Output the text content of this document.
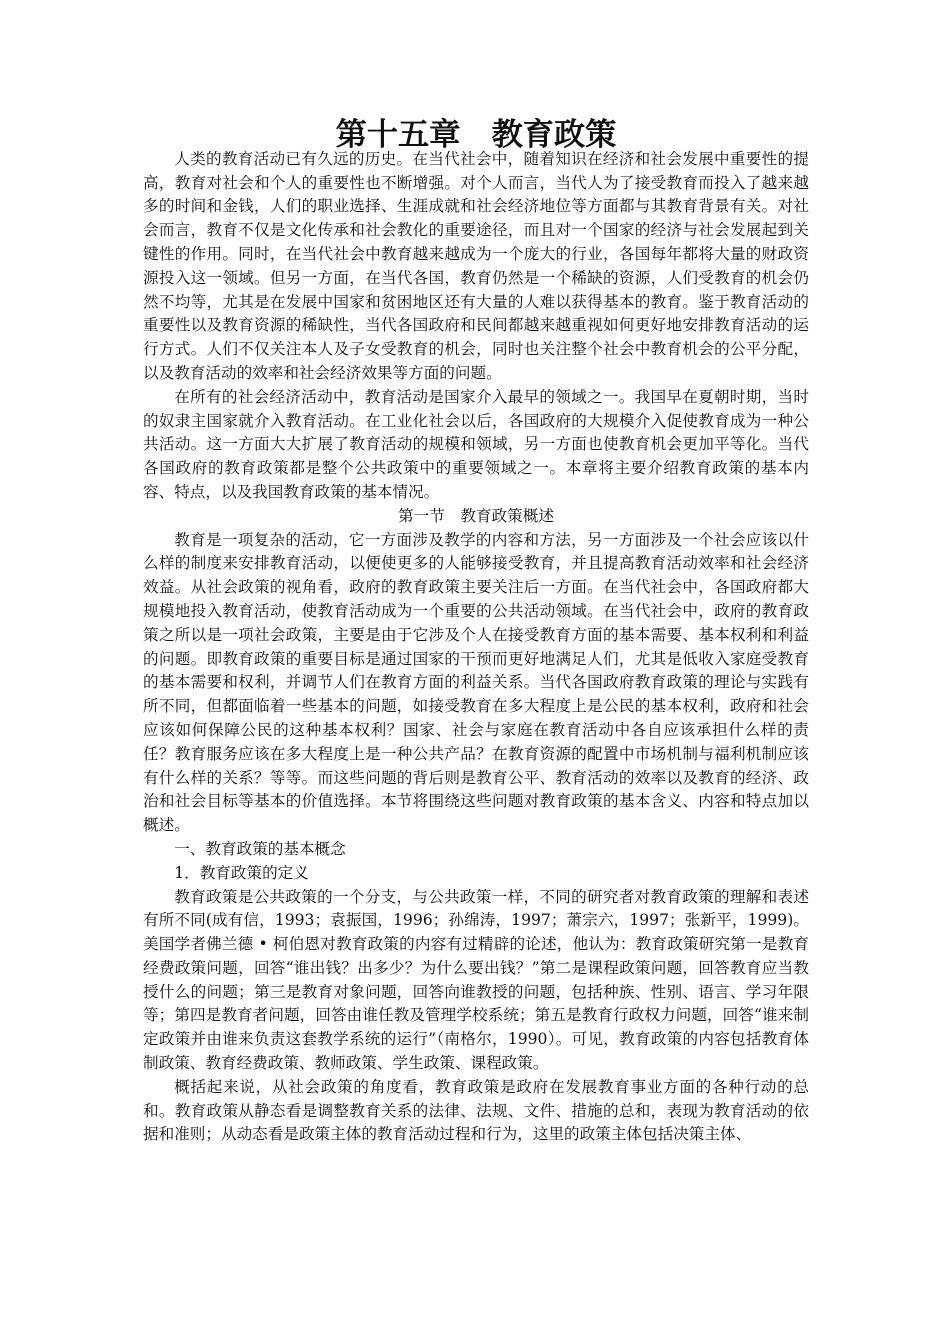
第十五章　教育政策

人类的教育活动已有久远的历史。在当代社会中，随着知识在经济和社会发展中重要性的提高，教育对社会和个人的重要性也不断增强。对个人而言，当代人为了接受教育而投入了越来越多的时间和金钱，人们的职业选择、生涯成就和社会经济地位等方面都与其教育背景有关。对社会而言，教育不仅是文化传承和社会教化的重要途径，而且对一个国家的经济与社会发展起到关键性的作用。同时，在当代社会中教育越来越成为一个庞大的行业，各国每年都将大量的财政资源投入这一领域。但另一方面，在当代各国，教育仍然是一个稀缺的资源，人们受教育的机会仍然不均等，尤其是在发展中国家和贫困地区还有大量的人难以获得基本的教育。鉴于教育活动的重要性以及教育资源的稀缺性，当代各国政府和民间都越来越重视如何更好地安排教育活动的运行方式。人们不仅关注本人及子女受教育的机会，同时也关注整个社会中教育机会的公平分配，以及教育活动的效率和社会经济效果等方面的问题。

在所有的社会经济活动中，教育活动是国家介入最早的领域之一。我国早在夏朝时期，当时的奴隶主国家就介入教育活动。在工业化社会以后，各国政府的大规模介入促使教育成为一种公共活动。这一方面大大扩展了教育活动的规模和领域，另一方面也使教育机会更加平等化。当代各国政府的教育政策都是整个公共政策中的重要领域之一。本章将主要介绍教育政策的基本内容、特点，以及我国教育政策的基本情况。

第一节　教育政策概述

教育是一项复杂的活动，它一方面涉及教学的内容和方法，另一方面涉及一个社会应该以什么样的制度来安排教育活动，以便使更多的人能够接受教育，并且提高教育活动效率和社会经济效益。从社会政策的视角看，政府的教育政策主要关注后一方面。在当代社会中，各国政府都大规模地投入教育活动，使教育活动成为一个重要的公共活动领域。在当代社会中，政府的教育政策之所以是一项社会政策，主要是由于它涉及个人在接受教育方面的基本需要、基本权利和利益的问题。即教育政策的重要目标是通过国家的干预而更好地满足人们，尤其是低收入家庭受教育的基本需要和权利，并调节人们在教育方面的利益关系。当代各国政府教育政策的理论与实践有所不同，但都面临着一些基本的问题，如接受教育在多大程度上是公民的基本权利，政府和社会应该如何保障公民的这种基本权利？国家、社会与家庭在教育活动中各自应该承担什么样的责任？教育服务应该在多大程度上是一种公共产品？在教育资源的配置中市场机制与福利机制应该有什么样的关系？等等。而这些问题的背后则是教育公平、教育活动的效率以及教育的经济、政治和社会目标等基本的价值选择。本节将围绕这些问题对教育政策的基本含义、内容和特点加以概述。

一、教育政策的基本概念
1．教育政策的定义

教育政策是公共政策的一个分支，与公共政策一样，不同的研究者对教育政策的理解和表述有所不同(成有信，1993；袁振国，1996；孙绵涛，1997；萧宗六，1997；张新平，1999)。美国学者佛兰德 • 柯伯恩对教育政策的内容有过精辟的论述，他认为：教育政策研究第一是教育经费政策问题，回答“谁出钱？出多少？为什么要出钱？”第二是课程政策问题，回答教育应当教授什么的问题；第三是教育对象问题，回答向谁教授的问题，包括种族、性别、语言、学习年限等；第四是教育者问题，回答由谁任教及管理学校系统；第五是教育行政权力问题，回答“谁来制定政策并由谁来负责这套教学系统的运行”（南格尔，1990）。可见，教育政策的内容包括教育体制政策、教育经费政策、教师政策、学生政策、课程政策。

概括起来说，从社会政策的角度看，教育政策是政府在发展教育事业方面的各种行动的总和。教育政策从静态看是调整教育关系的法律、法规、文件、措施的总和，表现为教育活动的依据和准则；从动态看是政策主体的教育活动过程和行为，这里的政策主体包括决策主体、
